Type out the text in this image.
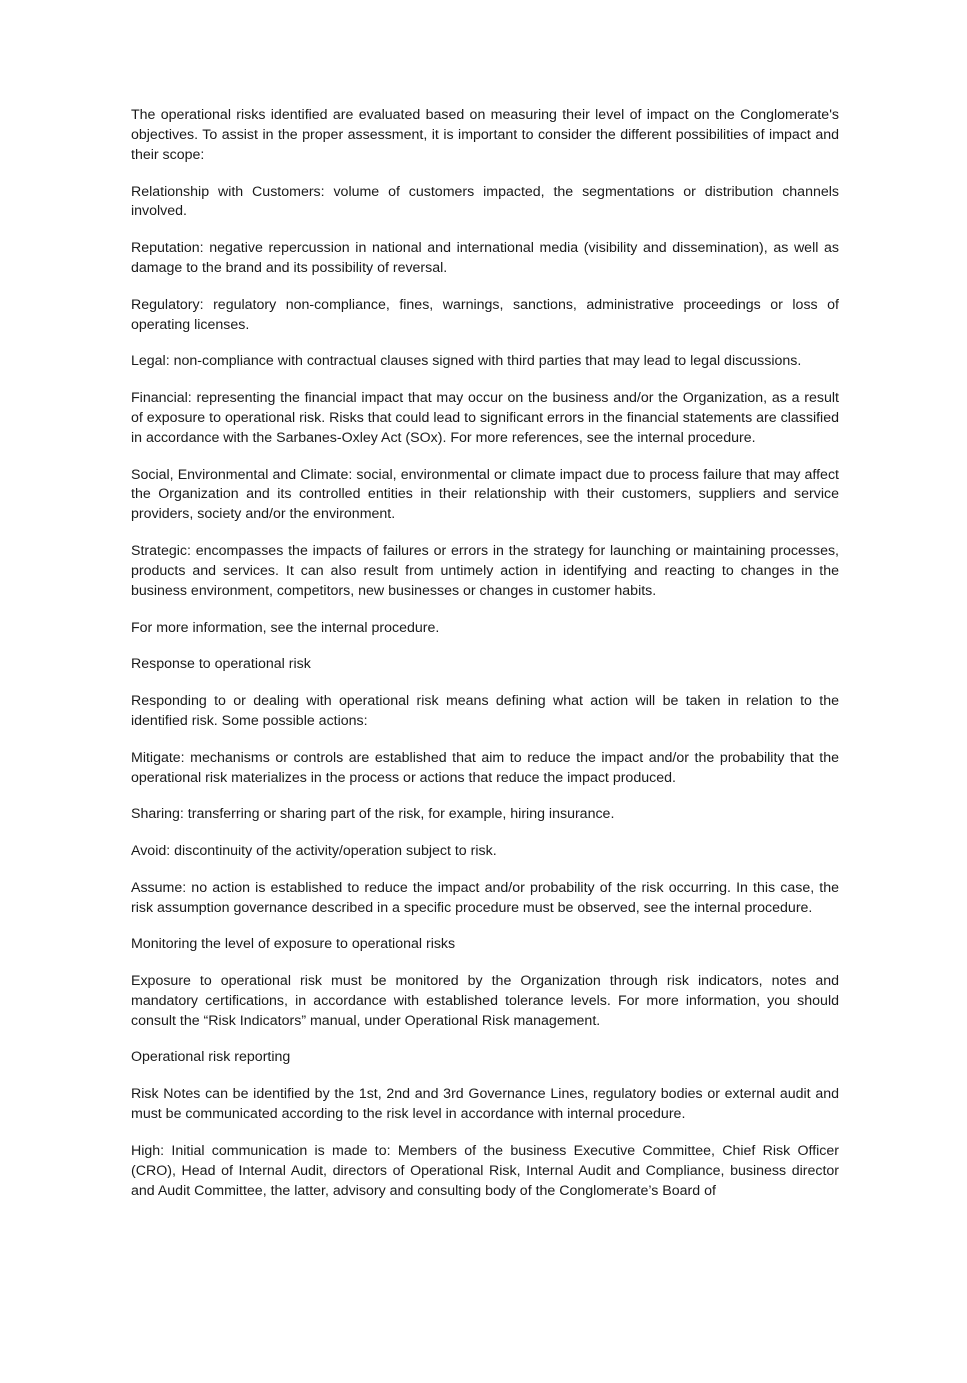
The operational risks identified are evaluated based on measuring their level of impact on the Conglomerate's objectives. To assist in the proper assessment, it is important to consider the different possibilities of impact and their scope:

Relationship with Customers: volume of customers impacted, the segmentations or distribution channels involved.

Reputation: negative repercussion in national and international media (visibility and dissemination), as well as damage to the brand and its possibility of reversal.

Regulatory: regulatory non-compliance, fines, warnings, sanctions, administrative proceedings or loss of operating licenses.

Legal: non-compliance with contractual clauses signed with third parties that may lead to legal discussions.

Financial: representing the financial impact that may occur on the business and/or the Organization, as a result of exposure to operational risk. Risks that could lead to significant errors in the financial statements are classified in accordance with the Sarbanes-Oxley Act (SOx). For more references, see the internal procedure.

Social, Environmental and Climate: social, environmental or climate impact due to process failure that may affect the Organization and its controlled entities in their relationship with their customers, suppliers and service providers, society and/or the environment.

Strategic: encompasses the impacts of failures or errors in the strategy for launching or maintaining processes, products and services. It can also result from untimely action in identifying and reacting to changes in the business environment, competitors, new businesses or changes in customer habits.

For more information, see the internal procedure.

Response to operational risk

Responding to or dealing with operational risk means defining what action will be taken in relation to the identified risk. Some possible actions:

Mitigate: mechanisms or controls are established that aim to reduce the impact and/or the probability that the operational risk materializes in the process or actions that reduce the impact produced.

Sharing: transferring or sharing part of the risk, for example, hiring insurance.

Avoid: discontinuity of the activity/operation subject to risk.

Assume: no action is established to reduce the impact and/or probability of the risk occurring. In this case, the risk assumption governance described in a specific procedure must be observed, see the internal procedure.

Monitoring the level of exposure to operational risks

Exposure to operational risk must be monitored by the Organization through risk indicators, notes and mandatory certifications, in accordance with established tolerance levels. For more information, you should consult the “Risk Indicators” manual, under Operational Risk management.

Operational risk reporting

Risk Notes can be identified by the 1st, 2nd and 3rd Governance Lines, regulatory bodies or external audit and must be communicated according to the risk level in accordance with internal procedure.

High: Initial communication is made to: Members of the business Executive Committee, Chief Risk Officer (CRO), Head of Internal Audit, directors of Operational Risk, Internal Audit and Compliance, business director and Audit Committee, the latter, advisory and consulting body of the Conglomerate’s Board of
